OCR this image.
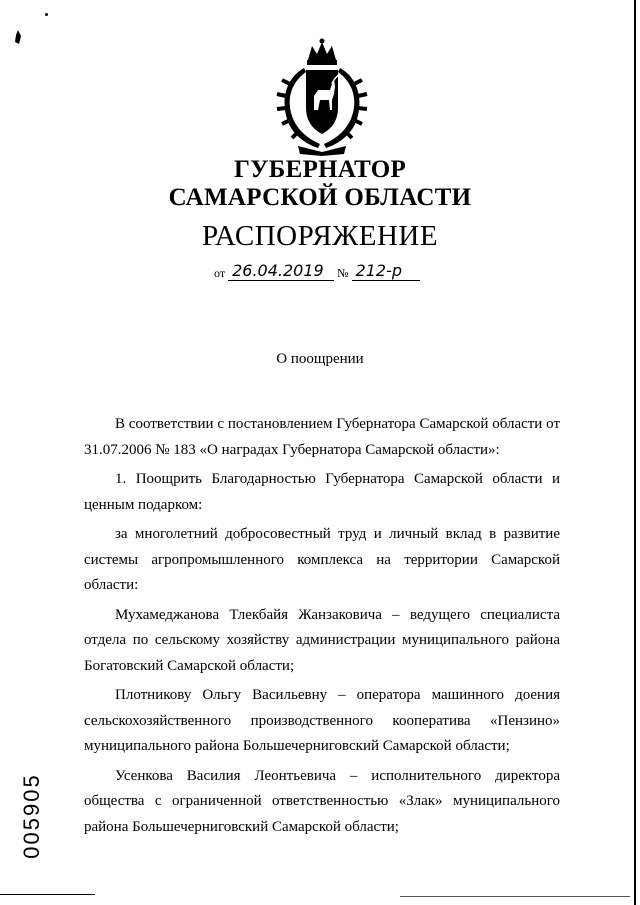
ГУБЕРНАТОР
САМАРСКОЙ ОБЛАСТИ
РАСПОРЯЖЕНИЕ
от 26.04.2019 № 212-р
О поощрении

В соответствии с постановлением Губернатора Самарской области от 31.07.2006 № 183 «О наградах Губернатора Самарской области»:

1. Поощрить Благодарностью Губернатора Самарской области и ценным подарком:

за многолетний добросовестный труд и личный вклад в развитие системы агропромышленного комплекса на территории Самарской области:

Мухамеджанова Тлекбайя Жанзаковича – ведущего специалиста отдела по сельскому хозяйству администрации муниципального района Богатовский Самарской области;

Плотникову Ольгу Васильевну – оператора машинного доения сельскохозяйственного производственного кооператива «Пензино» муниципального района Большечерниговский Самарской области;

Усенкова Василия Леонтьевича – исполнительного директора общества с ограниченной ответственностью «Злак» муниципального района Большечерниговский Самарской области;

005905
